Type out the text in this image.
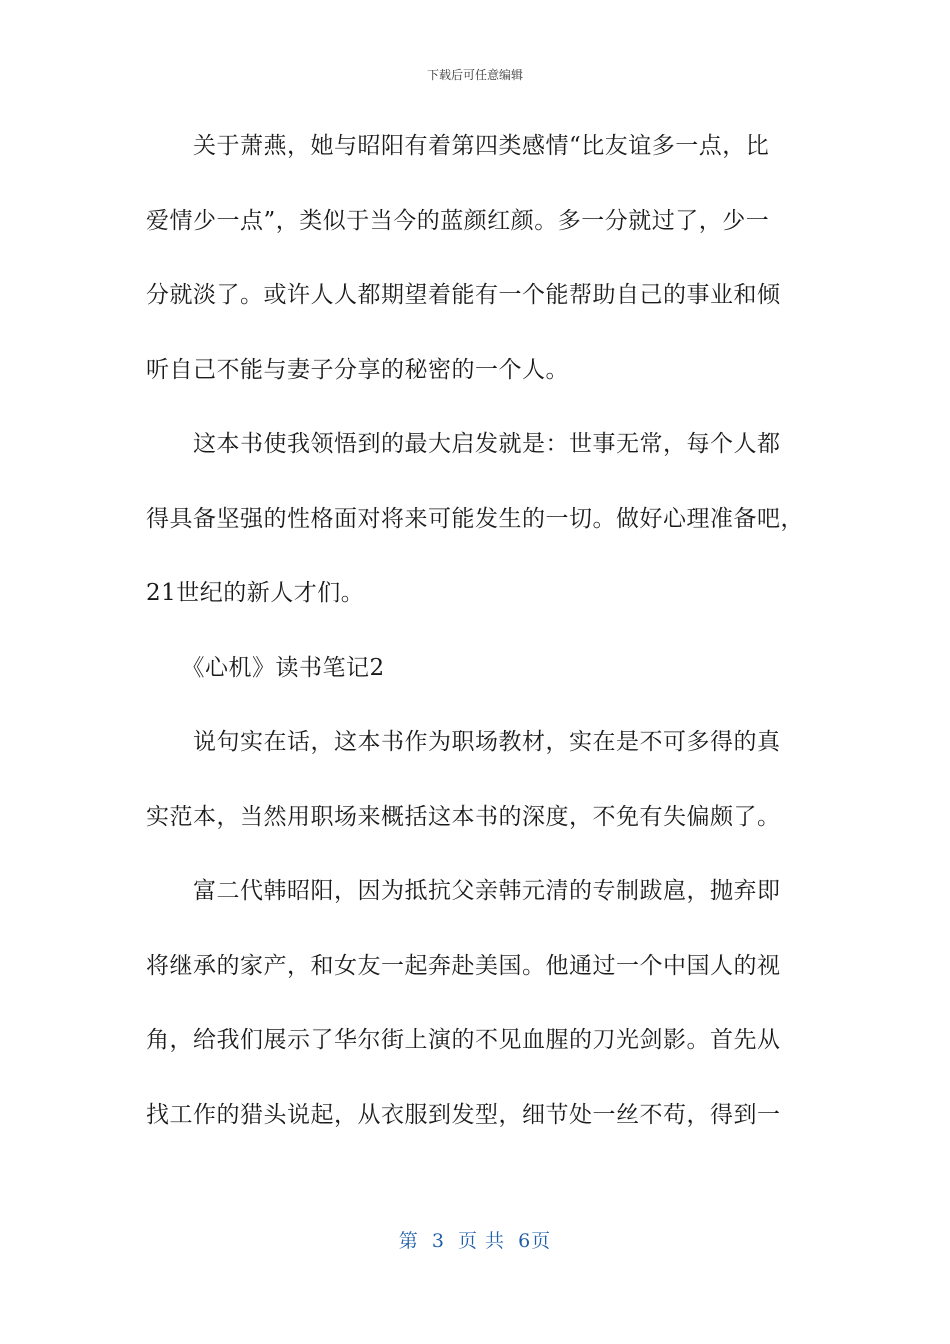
下载后可任意编辑
　　关于萧燕，她与昭阳有着第四类感情“比友谊多一点，比
爱情少一点”，类似于当今的蓝颜红颜。多一分就过了，少一
分就淡了。或许人人都期望着能有一个能帮助自己的事业和倾
听自己不能与妻子分享的秘密的一个人。
　　这本书使我领悟到的最大启发就是：世事无常，每个人都
得具备坚强的性格面对将来可能发生的一切。做好心理准备吧，
21世纪的新人才们。
　　《心机》读书笔记2
　　说句实在话，这本书作为职场教材，实在是不可多得的真
实范本，当然用职场来概括这本书的深度，不免有失偏颇了。
　　富二代韩昭阳，因为抵抗父亲韩元清的专制跋扈，抛弃即
将继承的家产，和女友一起奔赴美国。他通过一个中国人的视
角，给我们展示了华尔街上演的不见血腥的刀光剑影。首先从
找工作的猎头说起，从衣服到发型，细节处一丝不苟，得到一
第 3 页 共 6页
